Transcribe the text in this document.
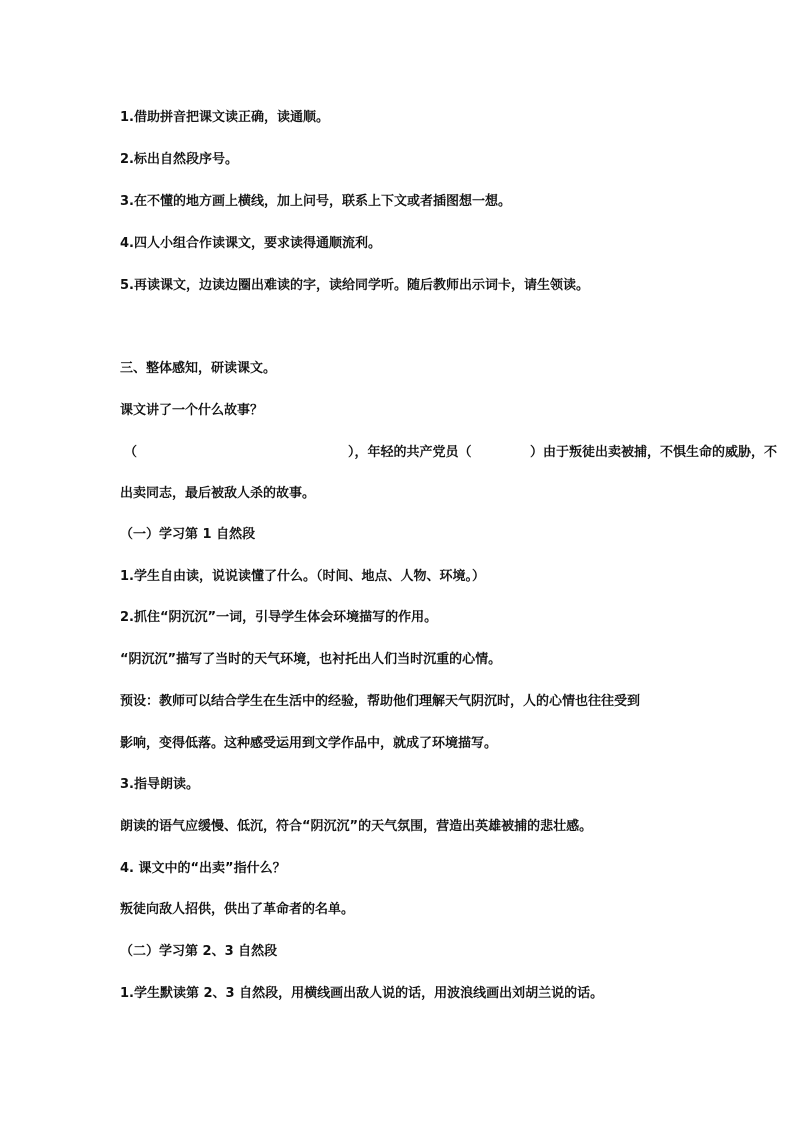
1.借助拼音把课文读正确，读通顺。
2.标出自然段序号。
3.在不懂的地方画上横线，加上问号，联系上下文或者插图想一想。
4.四人小组合作读课文，要求读得通顺流利。
5.再读课文，边读边圈出难读的字，读给同学听。随后教师出示词卡，请生领读。
三、整体感知，研读课文。
课文讲了一个什么故事？
（	），年轻的共产党员（	）由于叛徒出卖被捕，不惧生命的威胁，不
出卖同志，最后被敌人杀的故事。
（一）学习第 1 自然段
1.学生自由读，说说读懂了什么。（时间、地点、人物、环境。）
2.抓住“阴沉沉”一词，引导学生体会环境描写的作用。
“阴沉沉”描写了当时的天气环境，也衬托出人们当时沉重的心情。
预设：教师可以结合学生在生活中的经验，帮助他们理解天气阴沉时，人的心情也往往受到
影响，变得低落。这种感受运用到文学作品中，就成了环境描写。
3.指导朗读。
朗读的语气应缓慢、低沉，符合“阴沉沉”的天气氛围，营造出英雄被捕的悲壮感。
4. 课文中的“出卖”指什么？
叛徒向敌人招供，供出了革命者的名单。
（二）学习第 2、3 自然段
1.学生默读第 2、3 自然段，用横线画出敌人说的话，用波浪线画出刘胡兰说的话。
